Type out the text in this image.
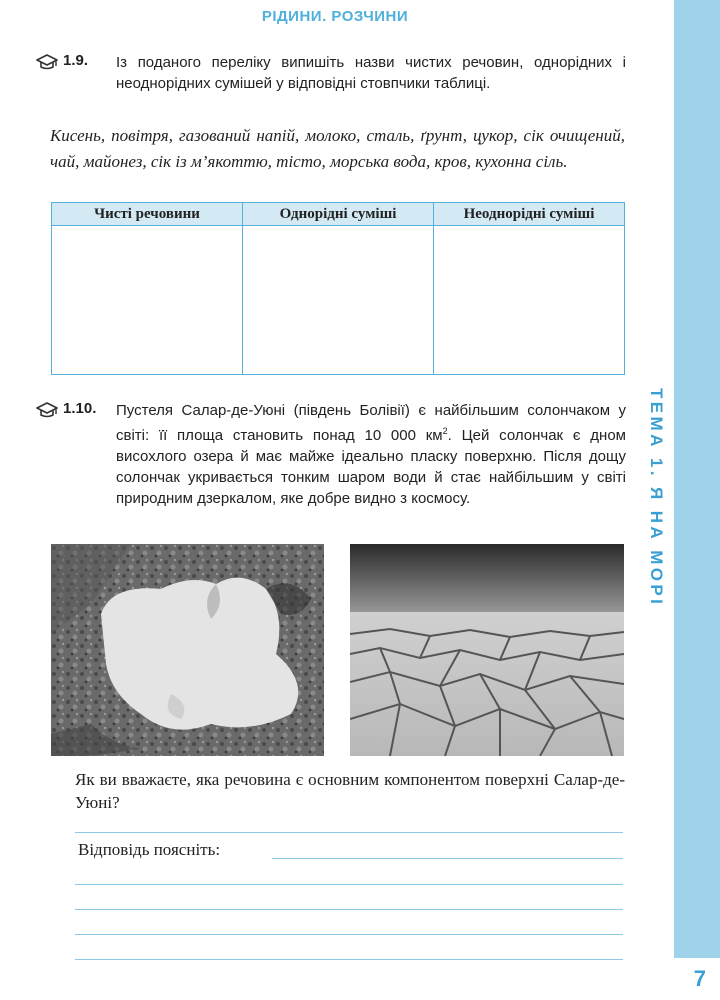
РІДИНИ. РОЗЧИНИ
ТЕМА 1. Я НА МОРІ
1.9. Із поданого переліку випишіть назви чистих речовин, однорідних і неоднорідних сумішей у відповідні стовпчики таблиці.

Кисень, повітря, газований напій, молоко, сталь, ґрунт, цукор, сік очищений, чай, майонез, сік із м’якоттю, тісто, морська вода, кров, кухонна сіль.
Чисті речовини	Однорідні суміші	Неоднорідні суміші

1.10. Пустеля Салар-де-Уюні (південь Болівії) є найбільшим солончаком у світі: її площа становить понад 10 000 $км^2$. Цей солончак є дном висохлого озера й має майже ідеально пласку поверхню. Після дощу солончак укривається тонким шаром води й стає найбільшим у світі природним дзеркалом, яке добре видно з космосу.

Як ви вважаєте, яка речовина є основним компонентом поверхні Салар-де-Уюні?
Відповідь поясніть:
7
